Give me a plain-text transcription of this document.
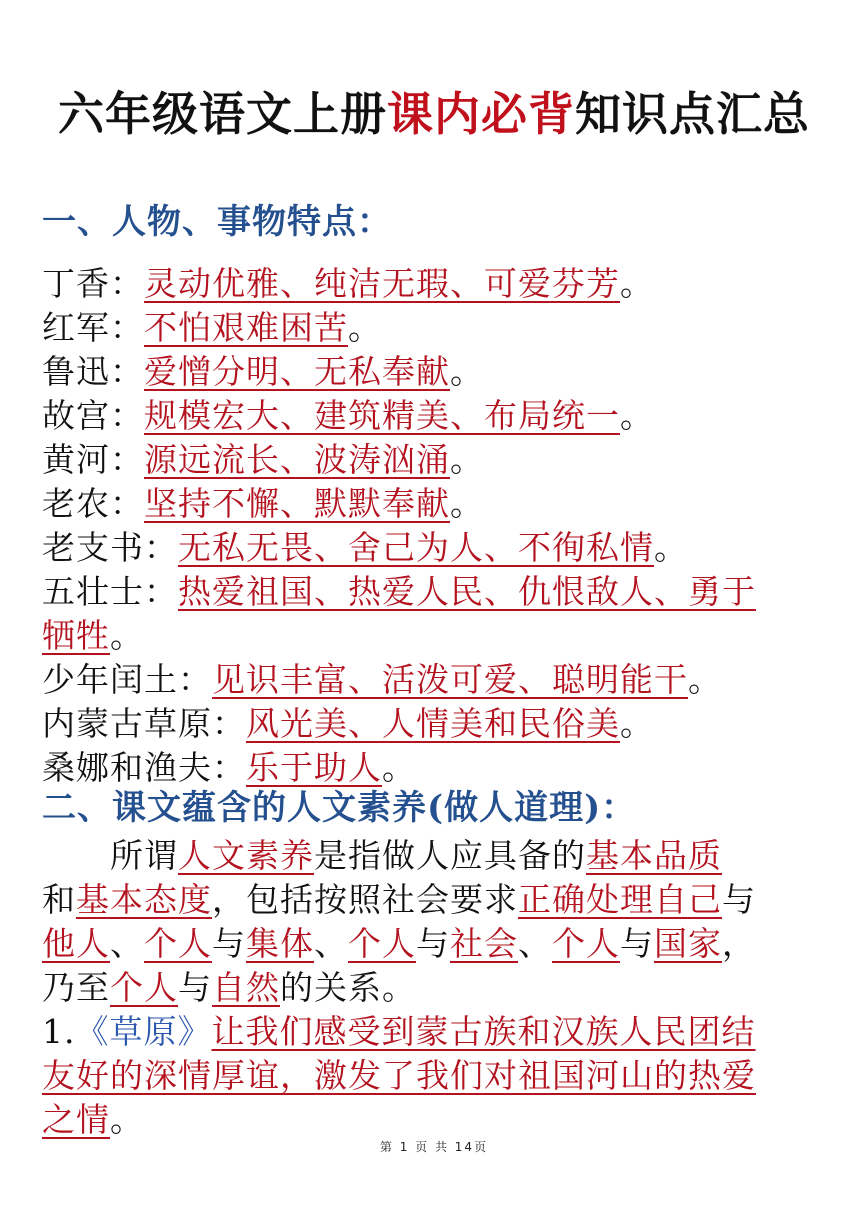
六年级语文上册课内必背知识点汇总
一、人物、事物特点：
丁香：灵动优雅、纯洁无瑕、可爱芬芳。
红军：不怕艰难困苦。
鲁迅：爱憎分明、无私奉献。
故宫：规模宏大、建筑精美、布局统一。
黄河：源远流长、波涛汹涌。
老农：坚持不懈、默默奉献。
老支书：无私无畏、舍己为人、不徇私情。
五壮士：热爱祖国、热爱人民、仇恨敌人、勇于
牺牲。
少年闰土：见识丰富、活泼可爱、聪明能干。
内蒙古草原：风光美、人情美和民俗美。
桑娜和渔夫：乐于助人。
二、课文蕴含的人文素养(做人道理)：
所谓人文素养是指做人应具备的基本品质
和基本态度，包括按照社会要求正确处理自己与
他人、个人与集体、个人与社会、个人与国家，
乃至个人与自然的关系。
1.《草原》让我们感受到蒙古族和汉族人民团结
友好的深情厚谊，激发了我们对祖国河山的热爱
之情。
第 1 页 共 14页
